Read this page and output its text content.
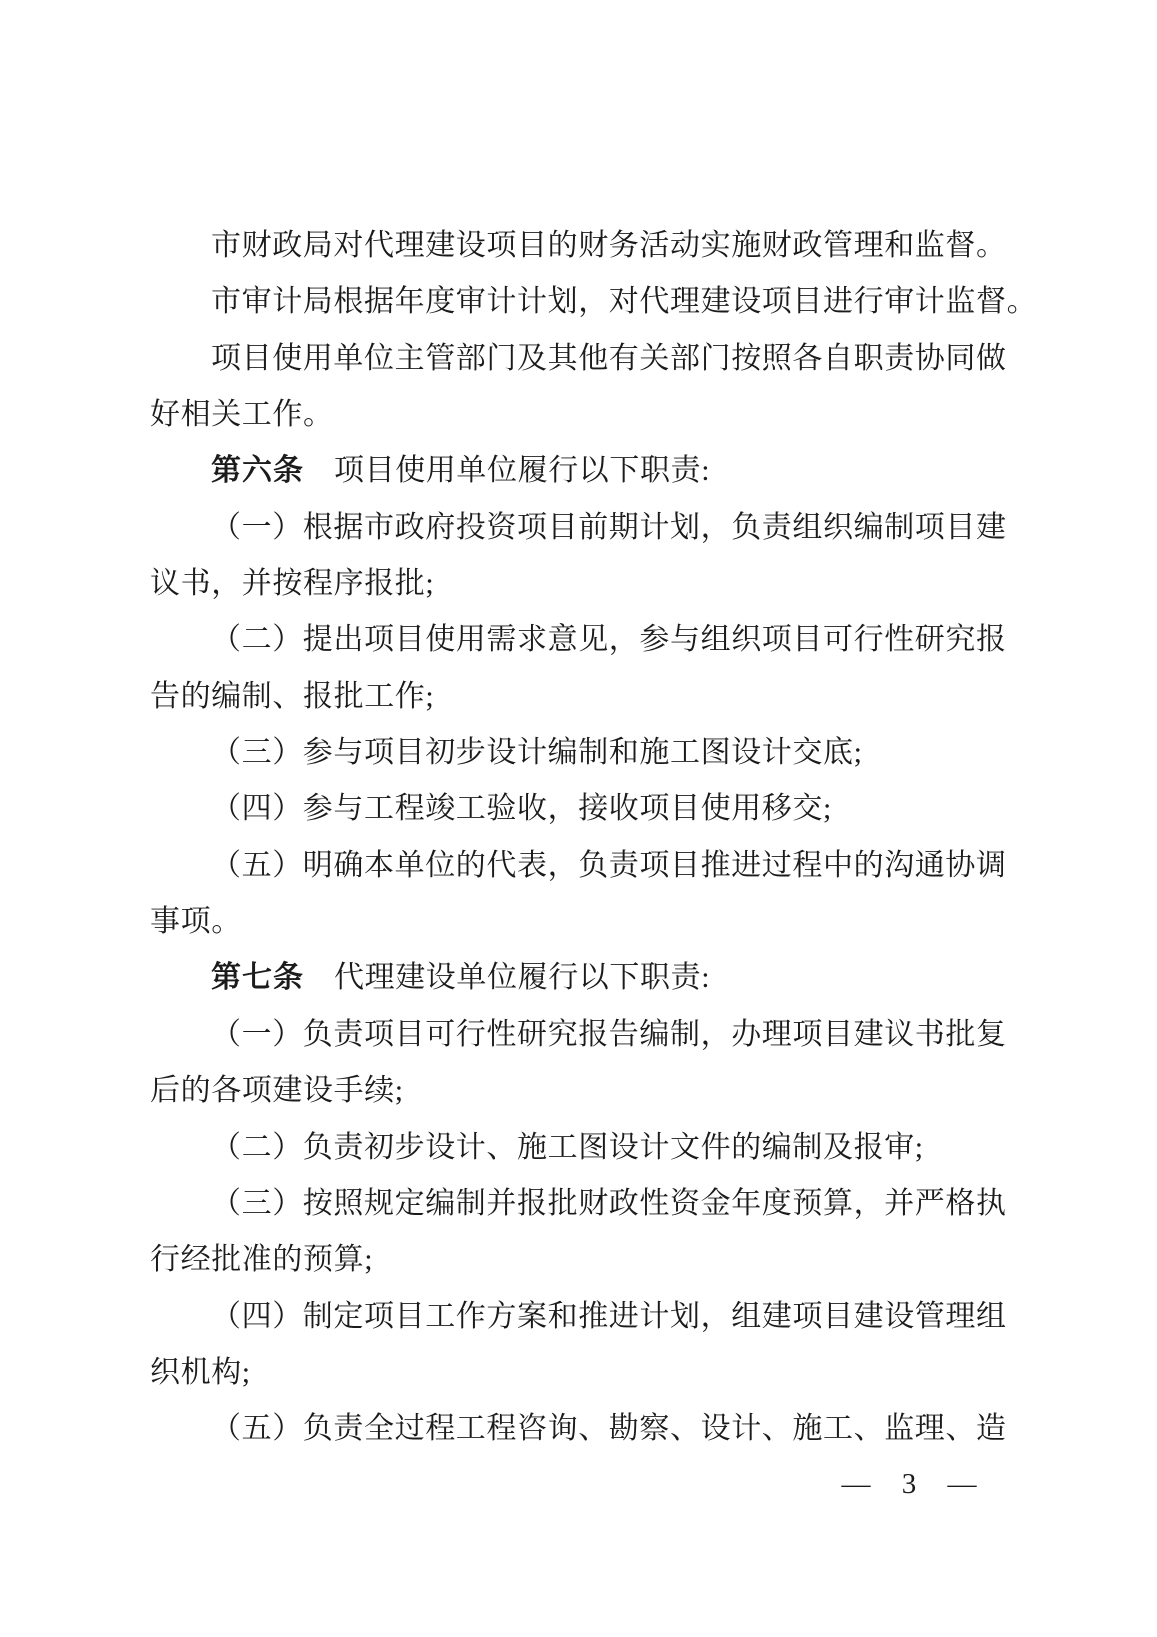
市财政局对代理建设项目的财务活动实施财政管理和监督。
市审计局根据年度审计计划，对代理建设项目进行审计监督。
项目使用单位主管部门及其他有关部门按照各自职责协同做
好相关工作。
第六条 项目使用单位履行以下职责:
（一）根据市政府投资项目前期计划，负责组织编制项目建
议书，并按程序报批;
（二）提出项目使用需求意见，参与组织项目可行性研究报
告的编制、报批工作;
（三）参与项目初步设计编制和施工图设计交底;
（四）参与工程竣工验收，接收项目使用移交;
（五）明确本单位的代表，负责项目推进过程中的沟通协调
事项。
第七条 代理建设单位履行以下职责:
（一）负责项目可行性研究报告编制，办理项目建议书批复
后的各项建设手续;
（二）负责初步设计、施工图设计文件的编制及报审;
（三）按照规定编制并报批财政性资金年度预算，并严格执
行经批准的预算;
（四）制定项目工作方案和推进计划，组建项目建设管理组
织机构;
（五）负责全过程工程咨询、勘察、设计、施工、监理、造
— 3 —
